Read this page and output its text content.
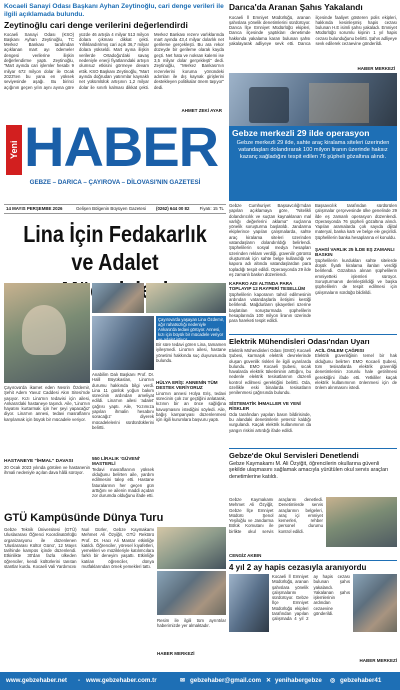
Kocaeli Sanayi Odası Başkanı Ayhan Zeytinoğlu, cari denge verileri ile ilgili açıklamada bulundu.
Zeytinoğlu cari denge verilerini değerlendirdi
Kocaeli Sanayi Odası (KSO) Başkanı Ayhan Zeytinoğlu, TC Merkez Bankası tarafından açıklanan mart ayı ödemeler dengesi verilerine ilişkin değerlendirme yaptı. Zeytinoğlu, "Mart ayında cari işlemler hesabı 9 milyar 672 milyon dolar ile Ocak 2023'ten bu yana en yüksek seviyesinde aşağı. Bu birinci açığının geçen yılın aynı ayına göre yüzde 46 artışla 4 milyar 513 milyon dolara çıkması dikkat çekti. Yıllıklandırılmış cari açık 36,7 milyar dolara yükseldi. Mart ayına ilişkin verilerde Ortadoğu'daki savaş nedeniyle enerji fiyatlarındaki artışın olumsuz etkisini görmeye devam ettik. KSO Başkanı Zeytinoğlu, "Mart ayında doğrudan yatırımlar kaynaklı net yükümlülük artışının 1,2 milyar dolar ile sınırlı kalması dikkat çekti. Merkez Bankası rezerv varlıklarında mart ayında 43,4 milyar dolarlık net gerileme gerçekleşti. Bu ara rekor düzeyde bir gerileme olarak kayda geçti. Net hata ve noksan kalemi ise 3,5 milyar dolar gerçekleşti" dedi. Zeytinoğlu, "Merkez Bankası'nın rezervlerini koruma yönündeki adımları ile dış kaynak girişlerini destekleyen politikalar önem taşıyor" dedi.
AHMET ZEKİ AYAR
Darıca'da Aranan Şahıs Yakalandı
Kocaeli İl Emniyet Müdürlüğü, aranan şahıslara yönelik denetimlerini sürdürüyor. Darıca İlçe Emniyet Müdürlüğü ekipleri, Darıca ilçesinde yaptıkları denetimde hakkında yakalama kararı bulunan şahsı yakalayarak adliyeye sevk etti. Darıca ilçesinde faaliyet gösteren polis ekipleri, hakkında kesinleşmiş hapis cezası bulunan H.E isimli şahsı yakaladı. Emniyet Müdürlüğü sorumlu kişinin 1 yıl hapis cezası bulunduğunu belirtti. Şahıs adliyeye sevk edilerek cezaevine gönderildi.
HABER MERKEZİ
Yeni HABER
GEBZE – DARICA – ÇAYIROVA – DİLOVASI'NIN GAZETESİ
Gebze merkezli 29 ilde operasyon
Gebze merkezli 29 ilde, sahte araç kiralama siteleri üzerinden vatandaşları dolandırarak 100 milyon liranın üzerinde haksız kazanç sağladığını tespit edilen 76 şüpheli gözaltına alındı.
14 MAYIS PERŞEMBE 2026	Gelişen Bölgenin Büyüyen Gazetesi (0262) 644 00 82 Fiyatı: 15 TL
Gebze Cumhuriyet Başsavcılığı'ndan yapılan açıklamaya göre, "Nitelikli dolandırıcılık ve suçtan kaynaklanan mal varlığı değerlerini aklama" suçlarına yönelik soruşturma başlatıldı. Jandarma ekiplerince yapılan çalışmalarda, sahte araç kiralama siteleri üzerinden vatandaşların dolandırıldığı belirlendi. Şüphelilerin sosyal medya hesapları üzerinden reklam verdiği, güvenilir görüntü oluşturmak için sahte belge kullandığı ve kapora adı altında vatandaşlardan para topladığı tespit edildi. Operasyonda 29 ilde eş zamanlı baskın düzenlendi.
KAPARO ADI ALTINDA PARA TOPLAYIP 12 RAYPERİ TESELLÜM
Şüphelilerin kaporanın tahsil edilmesinin ardından vatandaşlarla iletişimi kestiği belirlendi. Mağdurların şikayetleri üzerine başlatılan soruşturmada şüphelilerin hesaplarında 100 milyon liranın üzerinde para hareketi tespit edildi.
Başsavcılık tarafından sürdürülen çalışmalar çerçevesinde ülke genelinde 29 ilde eş zamanlı operasyon düzenlendi. Operasyonda 76 şüpheli gözaltına alındı. Yapılan aramalarda çok sayıda dijital materyal, banka kartı ve belge ele geçirildi. Şüphelilerin banka hesaplarına el konuldu.
ŞAHSİ VARLIK 25 İLDE EŞ ZAMANLI BASKIN
Şüphelilerin kurdukları sahte sitelerde düşük fiyatlı kiralama ilanları verdiği belirlendi. Gözaltına alınan şüphelilerin emniyetteki işlemleri sürüyor. Soruşturmanın derinleştirildiği ve başka şüphelilerin de tespit edilmesi için çalışmaların sürdüğü bildirildi.
Lina İçin Fedakarlık
ve Adalet
Çayırova'da yaşayan Lina Özdemir, ağır rahatsızlığı nedeniyle Ankara'da tedavi görüyor. Annesi, kızı için büyük bir mücadele veriyor ve adalet istiyor.
Çayırova'da ikamet eden Nesrin Özdemir, Şehit Adem Yavuz Caddesi Akın Sitesi'nde yaşıyor. Kızı Lina'nın tedavisi için ailesi, Ankara'daki hastaneye taşındı. Aile, 'Lina'nın hayatını kurtarmak için her şeyi yapacağız' diyor. Lina'nın annesi, tedavi masraflarını karşılamak için büyük bir mücadele veriyor.
HASTANEYE "İHMAL" DAVASI
20 Ocak 2023 yılında görülen ve hastanenin ihmali nedeniyle açılan dava hâlâ sürüyor.
Anabilim Dalı Başkanı Prof. Dr. Halil Büyükaslan, Lina'nın durumu hakkında bilgi verdi. Lina 11 günlük yoğun bakım sürecinin ardından ameliyat edildi. Lina'nın ailesi 'adalet' çağrısı yaptı. Aile, 'Kızımıza yapılan ihmalin hesabını soracağız' diyerek mücadelelerini sürdürdüklerini belirtti.
550 LİRALIK 'GÜVENİ' MASTERLİ
Tedavi masraflarının yüksek olduğunu belirten aile, yardım edilmesini talep etti. Hastane faturalarının her geçen gün arttığını ve ailenin maddi açıdan zor durumda olduğunu ifade etti.
Bir süre tedavi gören Lina, tamamen iyileşmedi. Lina'nın ailesi, hastane yönetimi hakkında suç duyurusunda bulundu.
HÜLYA ERİŞ: ANNENİN TÜM DESTEK VERİYORUZ
Lina'nın annesi Hülya Eriş, tedavi sürecinin çok zor geçtiğini anlatarak, kızının bir an önce sağlığına kavuşmasını istediğini söyledi. Aile, bağış kampanyası düzenlenmesi için ilgili kurumlara başvuru yaptı.
GTÜ Kampüsünde Dünya Turu
Gebze Teknik Üniversitesi (GTÜ) Uluslararası Öğrenci Koordinatörlüğü organizasyonu ile düzenlenen 'Uluslararası Kültür Günü', 12 Mayıs tarihinde kampüs içinde düzenlendi. Etkinlikte 30'dan fazla ülkeden öğrenciler, kendi kültürlerini tanıtan stantlar kurdu. Kocaeli Vali Yardımcısı Nuri Gürler, Gebze Kaymakamı Mehmet Ali Özyiğit, GTÜ Rektörü Prof. Dr. Hacı Ali Mantar etkinliğe katıldı. Öğrenciler, yöresel kıyafetleri, yemekleri ve müzikleriyle katılımcılara farklı bir deneyim yaşattı. Etkinliğe katılan öğrenciler, dünya mutfaklarından örnek yemekleri tattı.
Resim ile ilgili tüm ayrıntılar haberimizde yer almaktadır.
HABER MERKEZİ
Elektrik Mühendisleri Odası'ndan Uyarı
Elektrik Mühendisleri Odası (EMO) Kocaeli Şubesi, karmaşık elektrik devrelerinde oluşan güvenlik riskleri ile ilgili uyarılarda bulundu. EMO Kocaeli Şubesi, sıcak havalarda elektrik tüketiminin arttığını, bu nedenle elektrik tesisatlarının düzenli kontrol edilmesi gerektiğini belirtti. Oda, özellikle eski binalarda tesisatların yenilenmesi çağrısında bulundu.
SİSTEMATİK İHMALLER VE YENİ RİSKLER
Oda tarafından yapılan basın bildirisinde, bu alandaki denetimlerin yetersiz kaldığı vurgulandı. Kaçak elektrik kullanımının da yangın riskini artırdığı ifade edildi.
ACİL ÖNLEM ÇAĞRISI
Elektrik güvenliğinin temel bir hak olduğunu belirten EMO Kocaeli Şubesi, tüm tesisatlarda elektrik güvenliği denetimlerinin zorunlu hale getirilmesi gerektiğini ifade etti. Yetkililer kaçak elektrik kullanımının önlenmesi için de önlem alınmasını istedi.
Gebze'de Okul Servisleri Denetlendi
Gebze Kaymakamı M. Ali Özyiğit, öğrencilerin okullarına güvenli şekilde ulaşmasını sağlamak amacıyla yürütülen okul servis araçları denetimlerine katıldı.
Gebze Kaymakamı Mehmet Ali Özyiğit, Gebze İlçe Emniyet Müdürü Şenol Yeşiloğlu ve Jandarma Bölük Komutanı ile birlikte okul servis araçlarını denetledi. Denetimlerde servis araçlarının belgeleri, araç içi emniyet kemerleri, rehber personel durumu kontrol edildi.
CENGİZ AKBIN
4 yıl 2 ay hapis cezasıyla aranıyordu
Kocaeli İl Emniyet Müdürlüğü, aranan şahıslara yönelik çalışmalarını sürdürüyor. Gebze İlçe Emniyet Müdürlüğü ekipleri tarafından yapılan çalışmada 4 yıl 2 ay hapis cezası bulunan şahıs yakalandı. Yakalanan şahıs işlemlerinin ardından cezaevine gönderildi.
HABER MERKEZİ
www.gebzehaber.net - www.gebzehaber.com.tr	✉ gebzehaber@gmail.com ✕ yenihabergebze ◎ gebzehaber41
